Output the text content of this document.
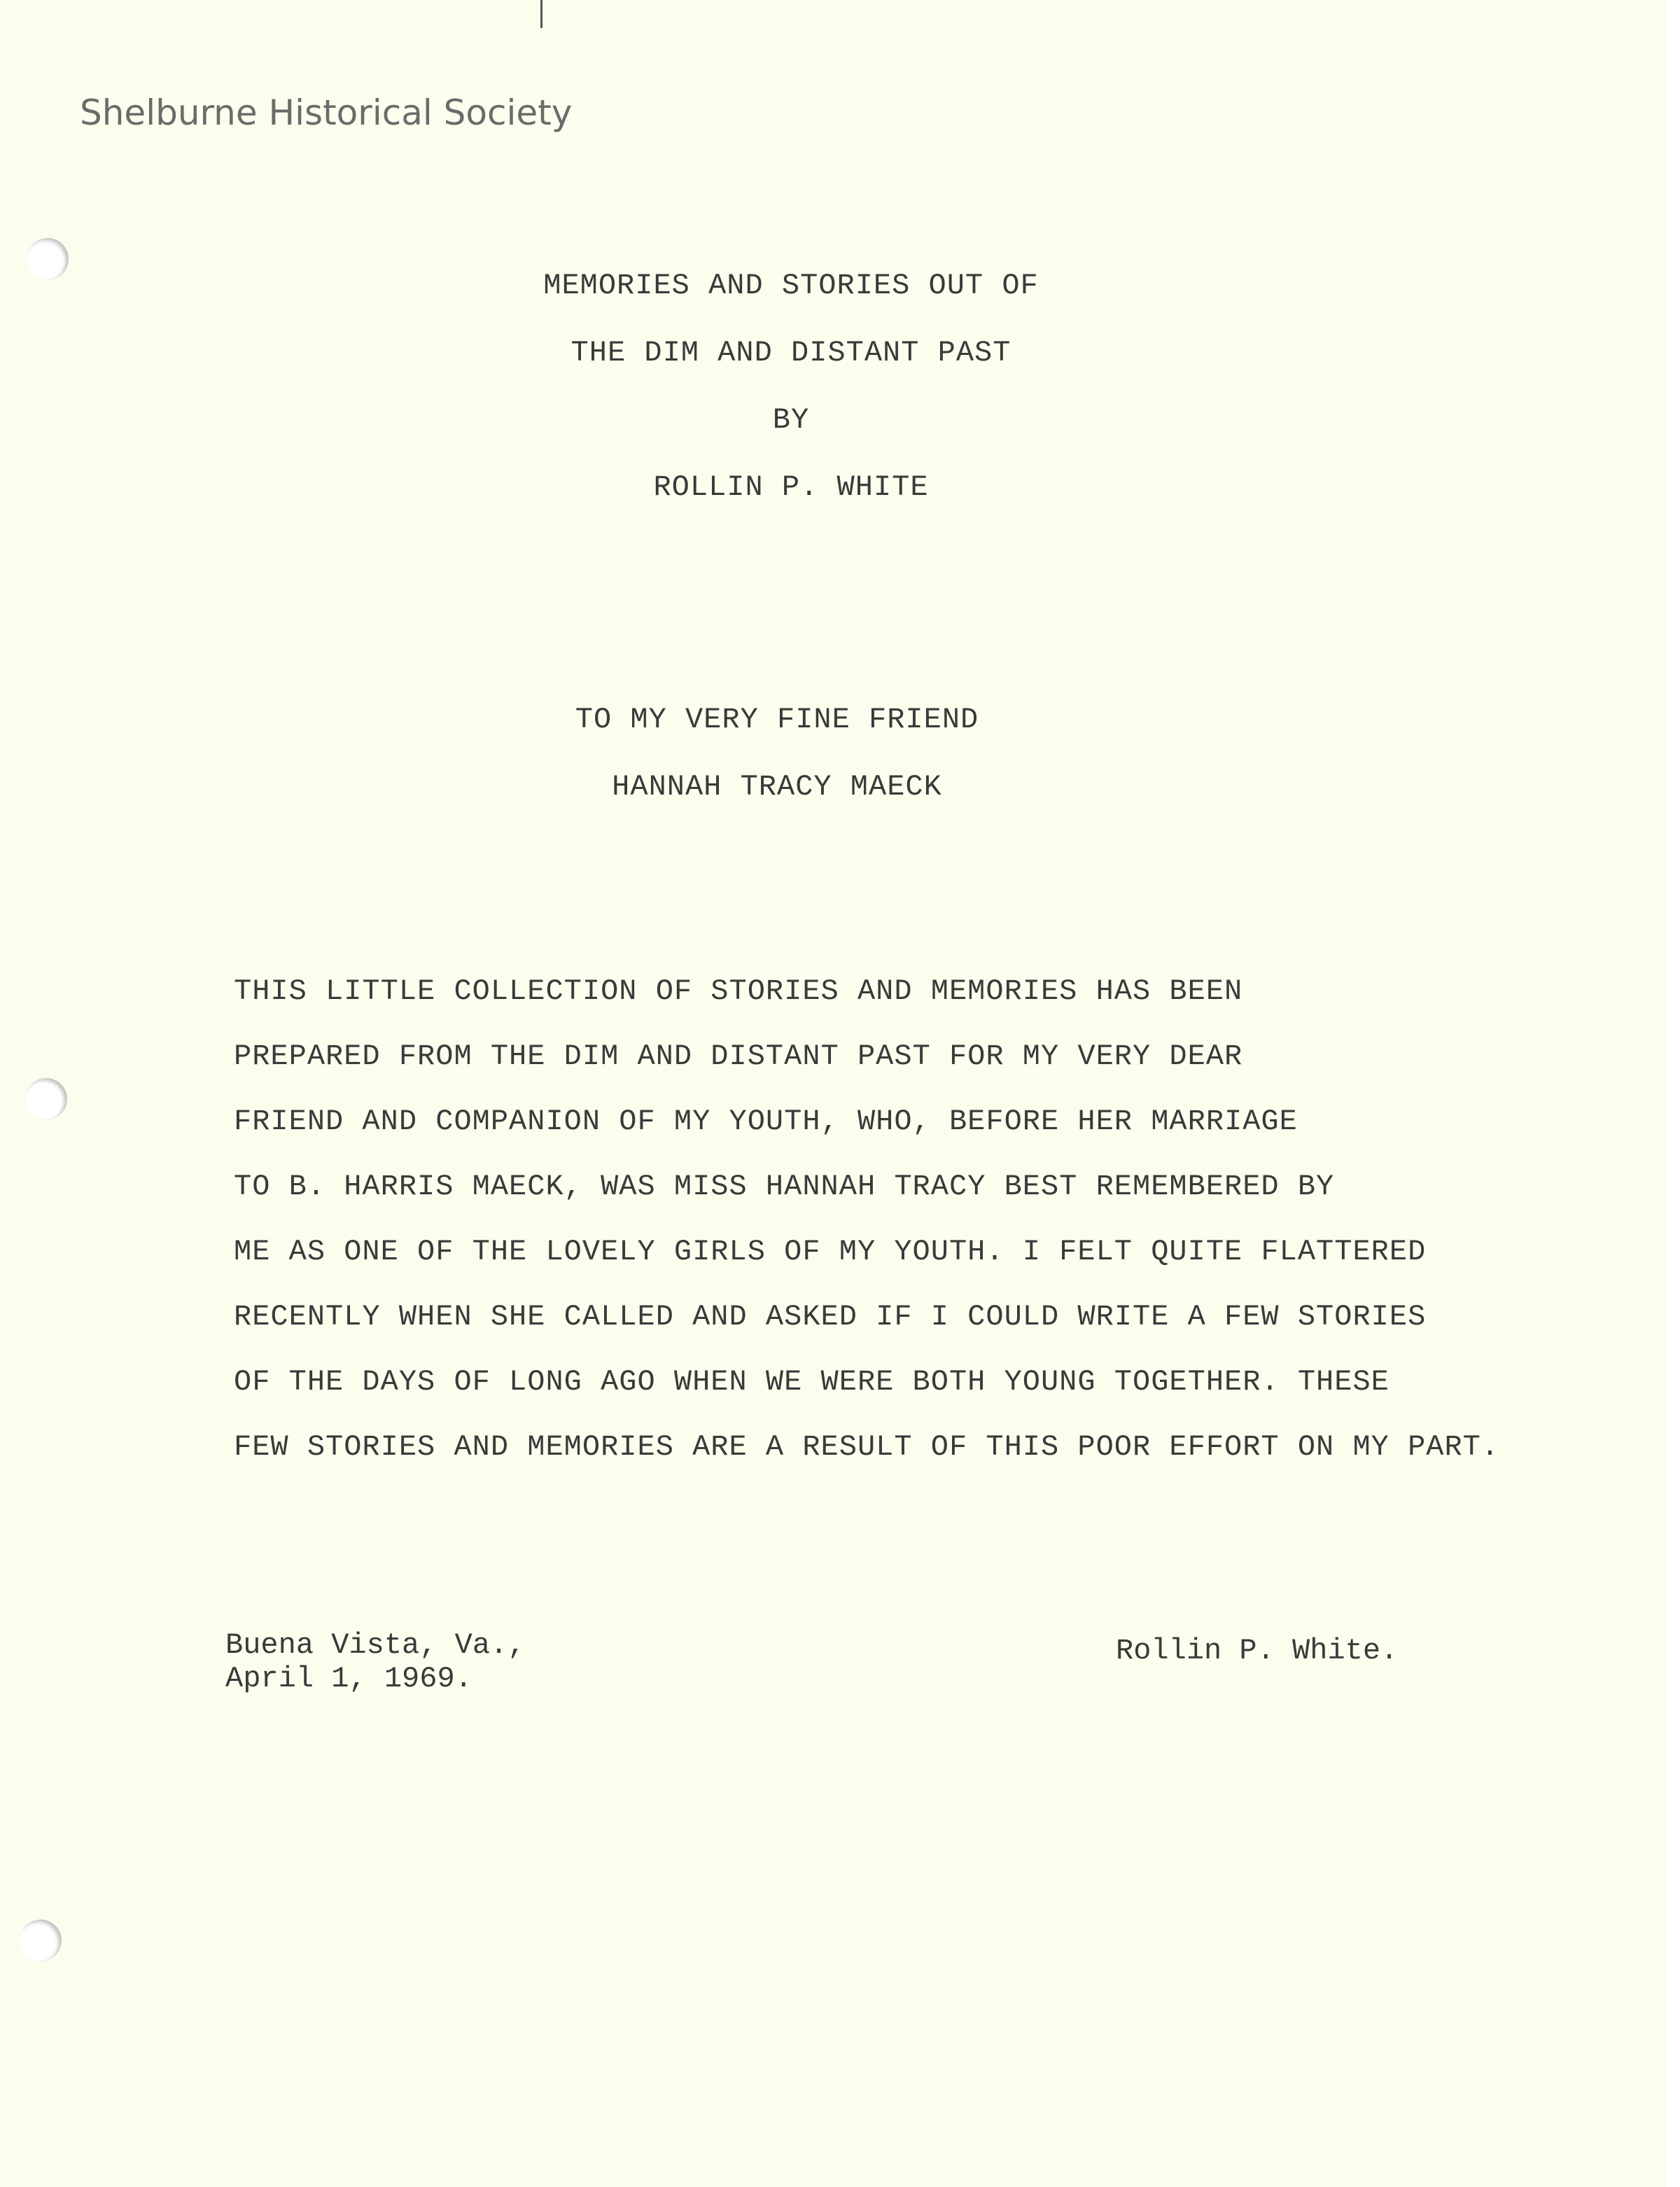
Shelburne Historical Society
MEMORIES AND STORIES OUT OF
THE DIM AND DISTANT PAST
BY
ROLLIN P. WHITE
TO MY VERY FINE FRIEND
HANNAH TRACY MAECK
THIS LITTLE COLLECTION OF STORIES AND MEMORIES HAS BEEN
PREPARED FROM THE DIM AND DISTANT PAST FOR MY VERY DEAR
FRIEND AND COMPANION OF MY YOUTH, WHO, BEFORE HER MARRIAGE
TO B. HARRIS MAECK, WAS MISS HANNAH TRACY BEST REMEMBERED BY
ME AS ONE OF THE LOVELY GIRLS OF MY YOUTH. I FELT QUITE FLATTERED
RECENTLY WHEN SHE CALLED AND ASKED IF I COULD WRITE A FEW STORIES
OF THE DAYS OF LONG AGO WHEN WE WERE BOTH YOUNG TOGETHER. THESE
FEW STORIES AND MEMORIES ARE A RESULT OF THIS POOR EFFORT ON MY PART.
Buena Vista, Va.,
April 1, 1969.
Rollin P. White.
